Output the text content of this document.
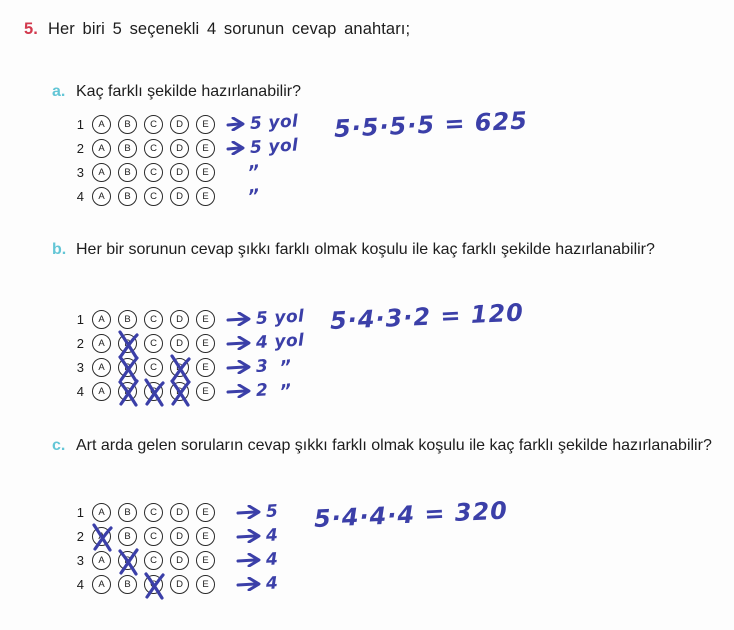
5. Her biri 5 seçenekli 4 sorunun cevap anahtarı;
a. Kaç farklı şekilde hazırlanabilir?
1	A	B	C	D	E	5 yol
2	A	B	C	D	E	5 yol
3	A	B	C	D	E	”
4	A	B	C	D	E	”
5·5·5·5 = 625
b. Her bir sorunun cevap şıkkı farklı olmak koşulu ile kaç farklı şekilde hazırlanabilir?
1	A	B	C	D	E	5 yol
2	A	B	C	D	E	4 yol
3	A	B	C	D	E	3 ”
4	A	B	C	D	E	2 ”
5·4·3·2 = 120
c. Art arda gelen soruların cevap şıkkı farklı olmak koşulu ile kaç farklı şekilde hazırlanabilir?
1	A	B	C	D	E	5
2	A	B	C	D	E	4
3	A	B	C	D	E	4
4	A	B	C	D	E	4
5·4·4·4 = 320
